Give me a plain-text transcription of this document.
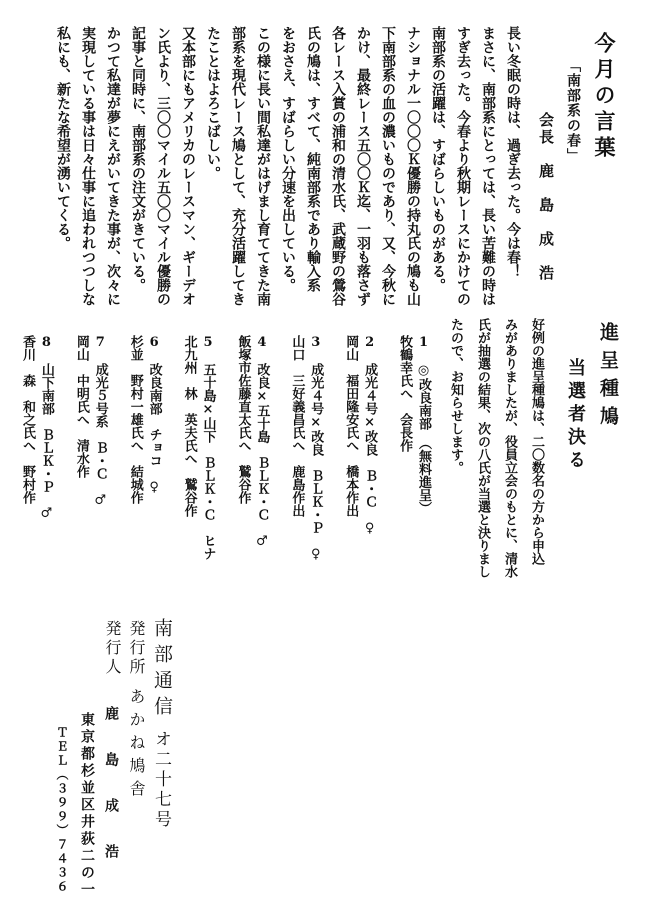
今月の言葉
「南部系の春」
会長　鹿　島　成　浩
長い冬眠の時は、過ぎ去った。今は春！
まさに、南部系にとっては、長い苦難の時は
すぎ去った。今春より秋期レースにかけての
南部系の活躍は、すばらしいものがある。
ナショナル一〇〇〇Ｋ優勝の持丸氏の鳩も山
下南部系の血の濃いものであり、又、今秋に
かけ、最終レース五〇〇Ｋ迄、一羽も落さず
各レース入賞の浦和の清水氏、武蔵野の鶯谷
氏の鳩は、すべて、純南部系であり輸入系
をおさえ、すばらしい分速を出している。
この様に長い間私達がはげまし育ててきた南
部系を現代レース鳩として、充分活躍してき
たことはよろこばしい。
又本部にもアメリカのレースマン、ギーデオ
ン氏より、三〇〇マイル五〇〇マイル優勝の
記事と同時に、南部系の注文がきている。
かつて私達が夢にえがいてきた事が、次々に
実現している事は日々仕事に追われつつしな
私にも、新たな希望が湧いてくる。
進呈種鳩
当選者決る
好例の進呈種鳩は、二〇数名の方から申込
みがありましたが、役員立会のもとに、清水
氏が抽選の結果、次の八氏が当選と決りまし
たので、お知らせします。
1　◎改良南部　（無料進呈）
牧鶴幸氏へ　会長作
2　成光４号×改良　Ｂ・Ｃ　♀
岡山　福田隆安氏へ　橋本作出
3　成光４号×改良　ＢＬＫ・Ｐ　♀
山口　三好義昌氏へ　鹿島作出
4　改良×五十島　ＢＬＫ・Ｃ　♂
飯塚市佐藤直太氏へ　鷲谷作
5　五十島×山下　ＢＬＫ・Ｃ　ヒナ
北九州　林　英夫氏へ　鷲谷作
6　改良南部　チョコ　♀
杉並　野村一雄氏へ　結城作
7　成光５号系　Ｂ・Ｃ　♂
岡山　中明氏へ　清水作
8　山下南部　ＢＬＫ・Ｐ　♂
香川　森　和之氏へ　野村作
南部通信
オ二十七号
発行所
あかね鳩舎
発行人
鹿　島　成　浩
東京都杉並区井荻二の一
ＴＥＬ（３９９）７４３６
